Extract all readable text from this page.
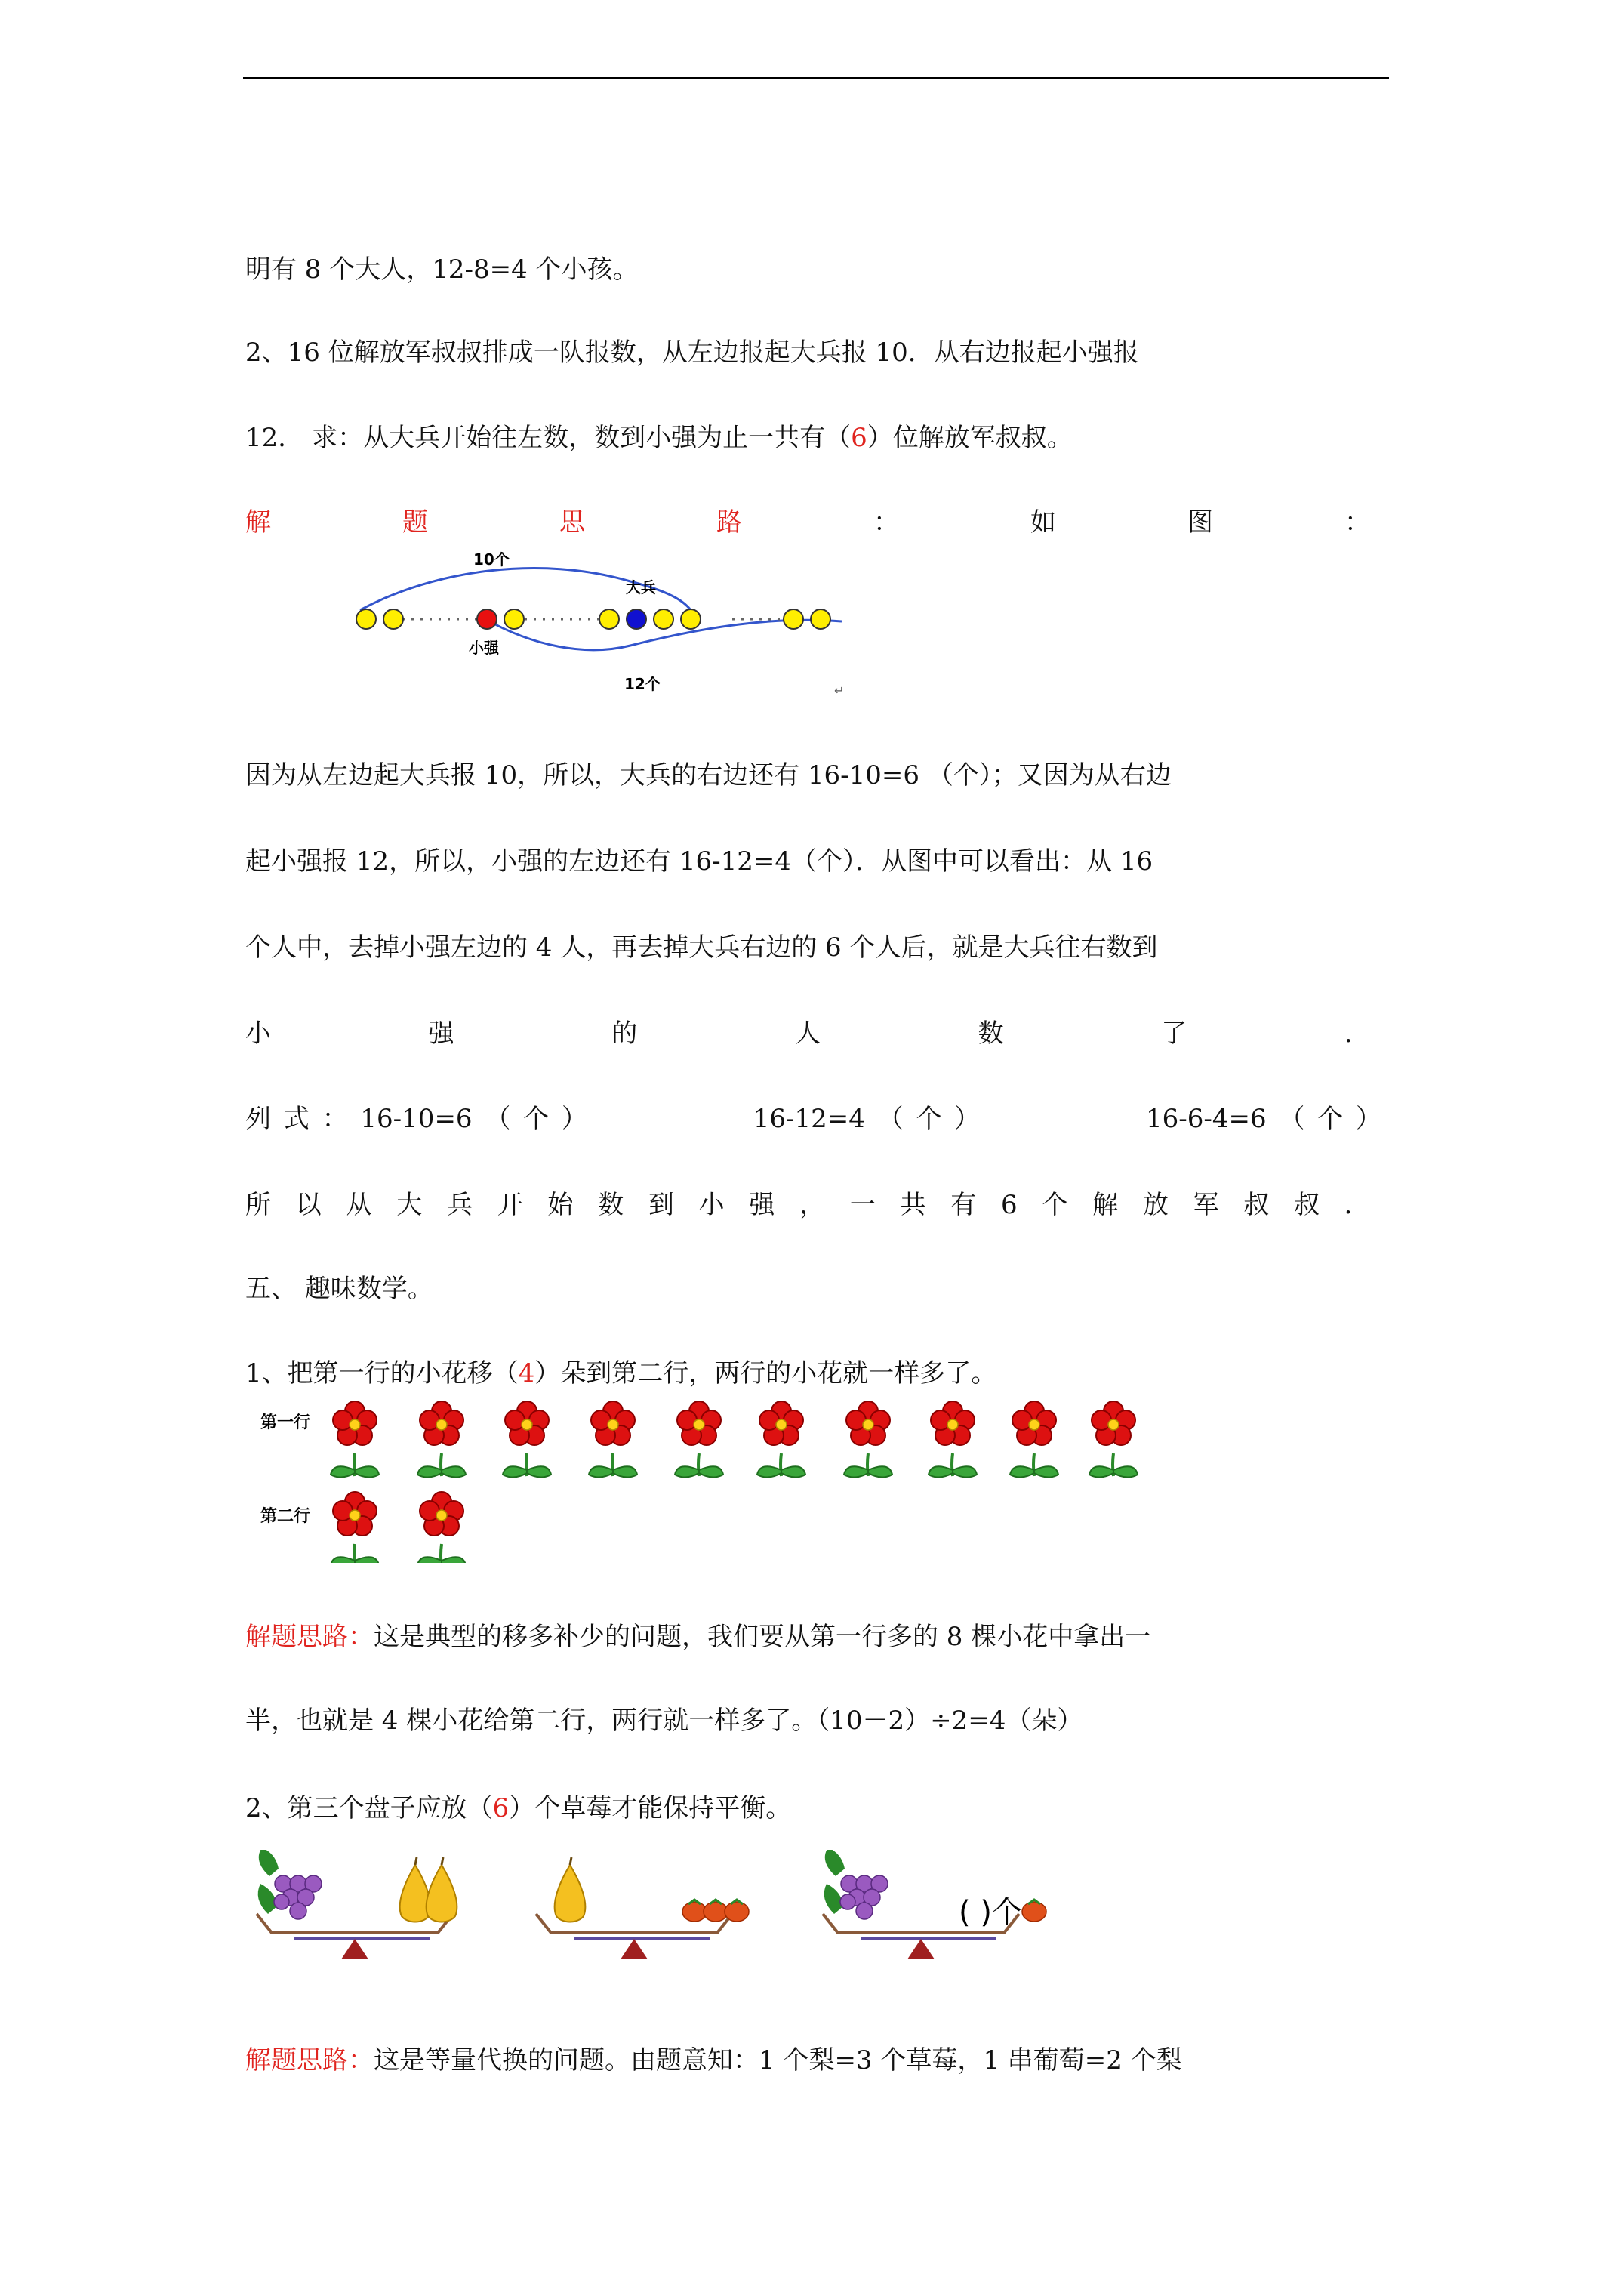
明有 8 个大人，12-8=4 个小孩。
2、16 位解放军叔叔排成一队报数，从左边报起大兵报 10．从右边报起小强报
12． 求：从大兵开始往左数，数到小强为止一共有（6）位解放军叔叔。
解	题	思	路	：	如	图	：
10个
大兵
小强
12个	↵
因为从左边起大兵报 10，所以，大兵的右边还有 16-10=6 （个）；又因为从右边
起小强报 12，所以，小强的左边还有 16-12=4（个）．从图中可以看出：从 16
个人中，去掉小强左边的 4 人，再去掉大兵右边的 6 个人后，就是大兵往右数到
小	强	的	人	数	了	．
列 式 ： 16-10=6 （ 个 ）	16-12=4 （ 个 ）	16-6-4=6 （ 个 ）
所 以 从 大 兵 开 始 数 到 小 强 ， 一 共 有 6 个 解 放 军 叔 叔 ．
五、 趣味数学。
1、把第一行的小花移（4）朵到第二行，两行的小花就一样多了。
第一行
第二行
解题思路：这是典型的移多补少的问题，我们要从第一行多的 8 棵小花中拿出一
半，也就是 4 棵小花给第二行，两行就一样多了。（10－2）÷2=4（朵）
2、第三个盘子应放（6）个草莓才能保持平衡。
( )个
解题思路：这是等量代换的问题。由题意知：1 个梨=3 个草莓，1 串葡萄=2 个梨
